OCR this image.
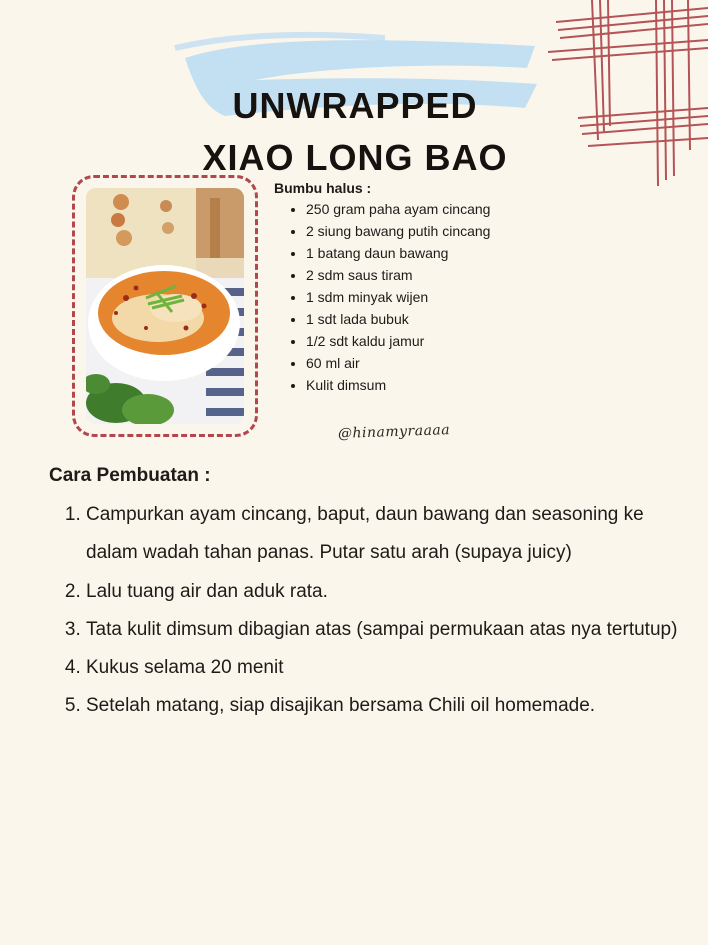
UNWRAPPED
XIAO LONG BAO

Bumbu halus :

• 250 gram paha ayam cincang
• 2 siung bawang putih cincang
• 1 batang daun bawang
• 2 sdm saus tiram
• 1 sdm minyak wijen
• 1 sdt lada bubuk
• 1/2 sdt kaldu jamur
• 60 ml air
• Kulit dimsum
@hinamyraaaa

Cara Pembuatan :

1. Campurkan ayam cincang, baput, daun bawang dan seasoning ke dalam wadah tahan panas. Putar satu arah (supaya juicy)
2. Lalu tuang air dan aduk rata.
3. Tata kulit dimsum dibagian atas (sampai permukaan atas nya tertutup)
4. Kukus selama 20 menit
5. Setelah matang, siap disajikan bersama Chili oil homemade.
